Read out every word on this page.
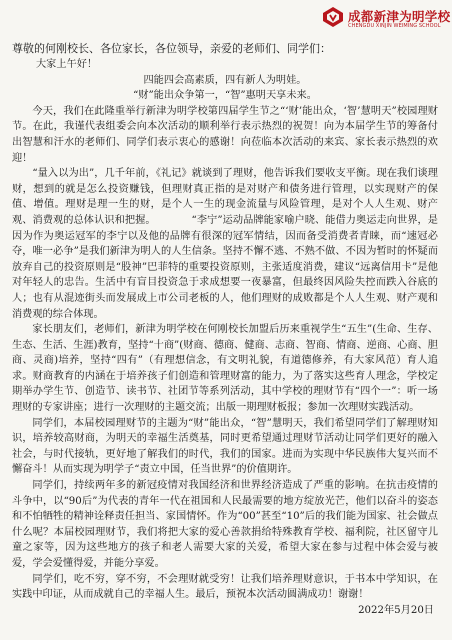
成都新津为明学校
CHENGDU XINJIN WEIMING SCHOOL

尊敬的何刚校长、各位家长，各位领导，亲爱的老师们、同学们：

大家上午好！

四能四会高素质，四有新人为明娃。

“财”能出众争第一，“智”惠明天享未来。

今天，我们在此隆重举行新津为明学校第四届学生节之“‘财’能出众，‘智’慧明天”校园理财节。在此，我谨代表组委会向本次活动的顺利举行表示热烈的祝贺！向为本届学生节的筹备付出智慧和汗水的老师们、同学们表示衷心的感谢！向莅临本次活动的来宾、家长表示热烈的欢迎！

“量入以为出”，几千年前，《礼记》就谈到了理财，他告诉我们要收支平衡。现在我们谈理财，想到的就是怎么投资赚钱，但理财真正指的是对财产和债务进行管理，以实现财产的保值、增值。理财是理一生的财，是个人一生的现金流量与风险管理，是对个人人生观、财产观、消费观的总体认识和把握。　　　　“李宁”运动品牌能家喻户晓、能借力奥运走向世界，是因为作为奥运冠军的李宁以及他的品牌有很深的冠军情结，因而备受消费者青睐，而“速冠必夺，唯一必争”是我们新津为明人的人生信条。坚持不懈不逃、不熟不做、不因为暂时的怀疑而放弃自己的投资原则是“股神”巴菲特的重要投资原则，主张适度消费，建议“远离信用卡”是他对年轻人的忠告。生活中有盲目投资急于求成想要一夜暴富，但最终因风险失控而跌入谷底的人；也有从混迹街头而发展成上市公司老板的人，他们理财的成败都是个人人生观、财产观和消费观的综合体现。

家长朋友们，老师们，新津为明学校在何刚校长加盟后历来重视学生“五生”(生命、生存、生态、生活、生涯)教育，坚持“十商”(财商、德商、健商、志商、智商、情商、逆商、心商、胆商、灵商)培养，坚持“四有”（有理想信念，有文明礼貌，有道德修养，有大家风范）育人追求。财商教育的内涵在于培养孩子们创造和管理财富的能力，为了落实这些育人理念，学校定期举办学生节、创造节、读书节、社团节等系列活动，其中学校的理财节有“四个一”：听一场理财的专家讲座；进行一次理财的主题交流；出版一期理财板报；参加一次理财实践活动。

同学们，本届校园理财节的主题为“财”能出众，“智”慧明天，我们希望同学们了解理财知识，培养较高财商，为明天的幸福生活奠基，同时更希望通过理财节活动让同学们更好的融入社会，与时代接轨，更好地了解我们的时代，我们的国家。进而为实现中华民族伟大复兴而不懈奋斗！从而实现为明学子“责立中国，任当世界”的价值期许。

同学们，持续两年多的新冠疫情对我国经济和世界经济造成了严重的影响。在抗击疫情的斗争中，以“90后”为代表的青年一代在祖国和人民最需要的地方绽放光芒，他们以奋斗的姿态和不怕牺牲的精神诠释责任担当、家国情怀。作为“00”甚至“10”后的我们能为国家、社会做点什么呢？本届校园理财节，我们将把大家的爱心善款捐给特殊教育学校、福利院，社区留守儿童之家等，因为这些地方的孩子和老人需要大家的关爱，希望大家在参与过程中体会爱与被爱，学会爱懂得爱，并能分享爱。

同学们，吃不穷，穿不穷，不会理财就受穷！让我们培养理财意识，于书本中学知识，在实践中印证，从而成就自己的幸福人生。最后，预祝本次活动圆满成功！谢谢！

2022年5月20日
